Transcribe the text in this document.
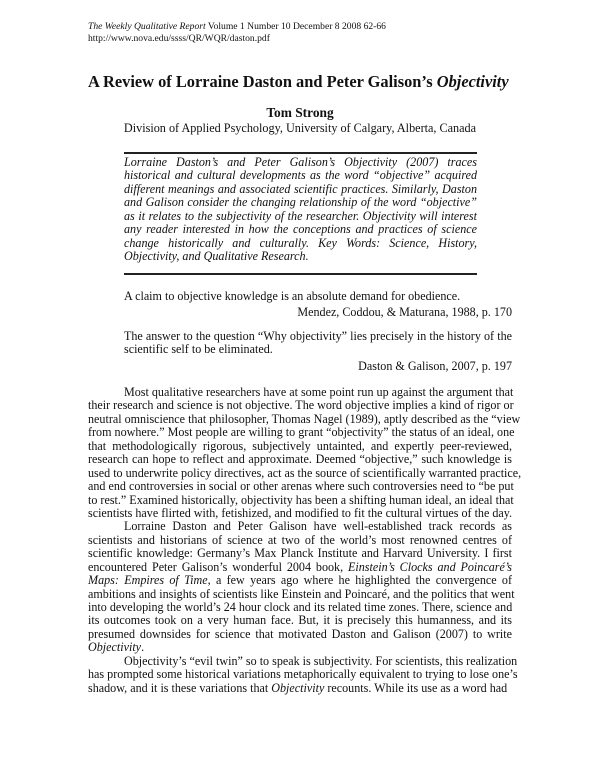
The Weekly Qualitative Report Volume 1 Number 10 December 8 2008 62-66
http://www.nova.edu/ssss/QR/WQR/daston.pdf
A Review of Lorraine Daston and Peter Galison’s Objectivity
Tom Strong
Division of Applied Psychology, University of Calgary, Alberta, Canada
Lorraine Daston’s and Peter Galison’s Objectivity (2007) traces
historical and cultural developments as the word “objective” acquired
different meanings and associated scientific practices. Similarly, Daston
and Galison consider the changing relationship of the word “objective”
as it relates to the subjectivity of the researcher. Objectivity will interest
any reader interested in how the conceptions and practices of science
change historically and culturally. Key Words: Science, History,
Objectivity, and Qualitative Research.
A claim to objective knowledge is an absolute demand for obedience.
Mendez, Coddou, & Maturana, 1988, p. 170
The answer to the question “Why objectivity” lies precisely in the history of the
scientific self to be eliminated.
Daston & Galison, 2007, p. 197
Most qualitative researchers have at some point run up against the argument that
their research and science is not objective. The word objective implies a kind of rigor or
neutral omniscience that philosopher, Thomas Nagel (1989), aptly described as the “view
from nowhere.” Most people are willing to grant “objectivity” the status of an ideal, one
that methodologically rigorous, subjectively untainted, and expertly peer-reviewed,
research can hope to reflect and approximate. Deemed “objective,” such knowledge is
used to underwrite policy directives, act as the source of scientifically warranted practice,
and end controversies in social or other arenas where such controversies need to “be put
to rest.” Examined historically, objectivity has been a shifting human ideal, an ideal that
scientists have flirted with, fetishized, and modified to fit the cultural virtues of the day.
Lorraine Daston and Peter Galison have well-established track records as
scientists and historians of science at two of the world’s most renowned centres of
scientific knowledge: Germany’s Max Planck Institute and Harvard University. I first
encountered Peter Galison’s wonderful 2004 book, Einstein’s Clocks and Poincaré’s
Maps: Empires of Time, a few years ago where he highlighted the convergence of
ambitions and insights of scientists like Einstein and Poincaré, and the politics that went
into developing the world’s 24 hour clock and its related time zones. There, science and
its outcomes took on a very human face. But, it is precisely this humanness, and its
presumed downsides for science that motivated Daston and Galison (2007) to write
Objectivity.
Objectivity’s “evil twin” so to speak is subjectivity. For scientists, this realization
has prompted some historical variations metaphorically equivalent to trying to lose one’s
shadow, and it is these variations that Objectivity recounts. While its use as a word had
